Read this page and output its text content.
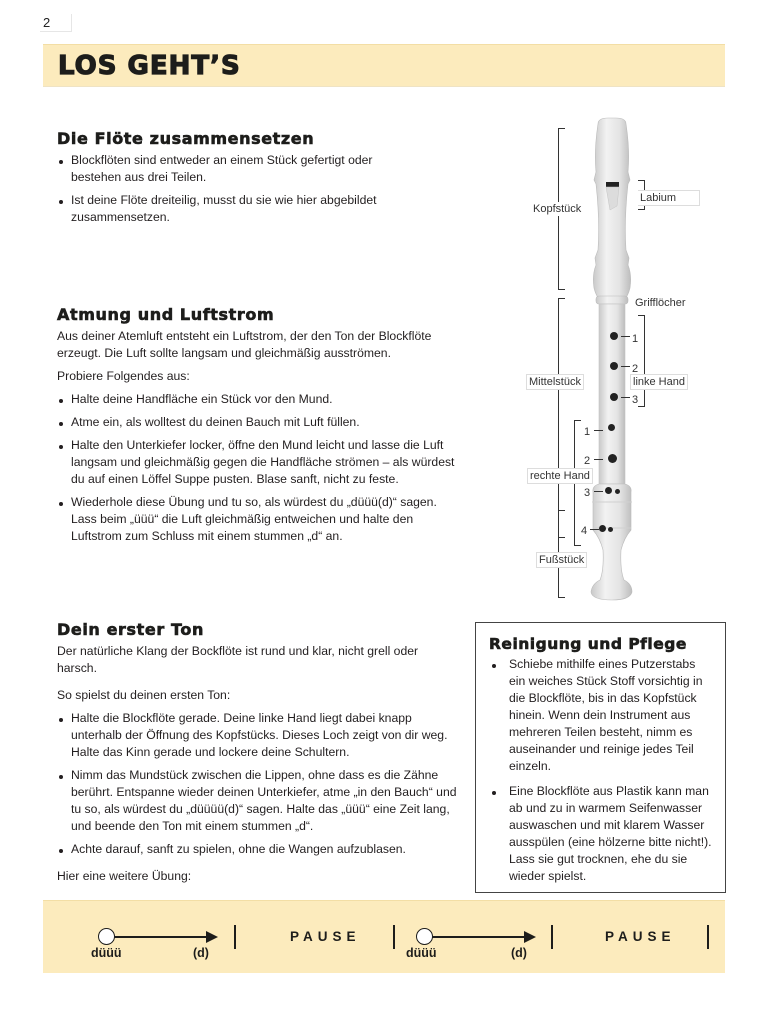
2
LOS GEHT’S
Die Flöte zusammensetzen
Blockflöten sind entweder an einem Stück gefertigt oder bestehen aus drei Teilen.
Ist deine Flöte dreiteilig, musst du sie wie hier abgebildet zusammensetzen.
Atmung und Luftstrom

Aus deiner Atemluft entsteht ein Luftstrom, der den Ton der Blockflöte erzeugt. Die Luft sollte langsam und gleichmäßig ausströmen.

Probiere Folgendes aus:

Halte deine Handfläche ein Stück vor den Mund.
Atme ein, als wolltest du deinen Bauch mit Luft füllen.
Halte den Unterkiefer locker, öffne den Mund leicht und lasse die Luft langsam und gleichmäßig gegen die Handfläche strömen – als würdest du auf einen Löffel Suppe pusten. Blase sanft, nicht zu feste.
Wiederhole diese Übung und tu so, als würdest du „düüü(d)“ sagen. Lass beim „üüü“ die Luft gleichmäßig entweichen und halte den Luftstrom zum Schluss mit einem stummen „d“ an.
Dein erster Ton

Der natürliche Klang der Bockflöte ist rund und klar, nicht grell oder harsch.

So spielst du deinen ersten Ton:

Halte die Blockflöte gerade. Deine linke Hand liegt dabei knapp unterhalb der Öffnung des Kopfstücks. Dieses Loch zeigt von dir weg. Halte das Kinn gerade und lockere deine Schultern.
Nimm das Mundstück zwischen die Lippen, ohne dass es die Zähne berührt. Entspanne wieder deinen Unterkiefer, atme „in den Bauch“ und tu so, als würdest du „düüüü(d)“ sagen. Halte das „üüü“ eine Zeit lang, und beende den Ton mit einem stummen „d“.
Achte darauf, sanft zu spielen, ohne die Wangen aufzublasen.

Hier eine weitere Übung:

Reinigung und Pflege
Schiebe mithilfe eines Putzerstabs ein weiches Stück Stoff vorsichtig in die Blockflöte, bis in das Kopfstück hinein. Wenn dein Instrument aus mehreren Teilen besteht, nimm es auseinander und reinige jedes Teil einzeln.
Eine Blockflöte aus Plastik kann man ab und zu in warmem Seifenwasser auswaschen und mit klarem Wasser ausspülen (eine hölzerne bitte nicht!). Lass sie gut trocknen, ehe du sie wieder spielst.
Kopfstück
Labium
Grifflöcher
Mittelstück	linke Hand
1
2
3
rechte Hand
1
2
3
4
Fußstück
düüü	(d)
PAUSE
düüü	(d)
PAUSE
